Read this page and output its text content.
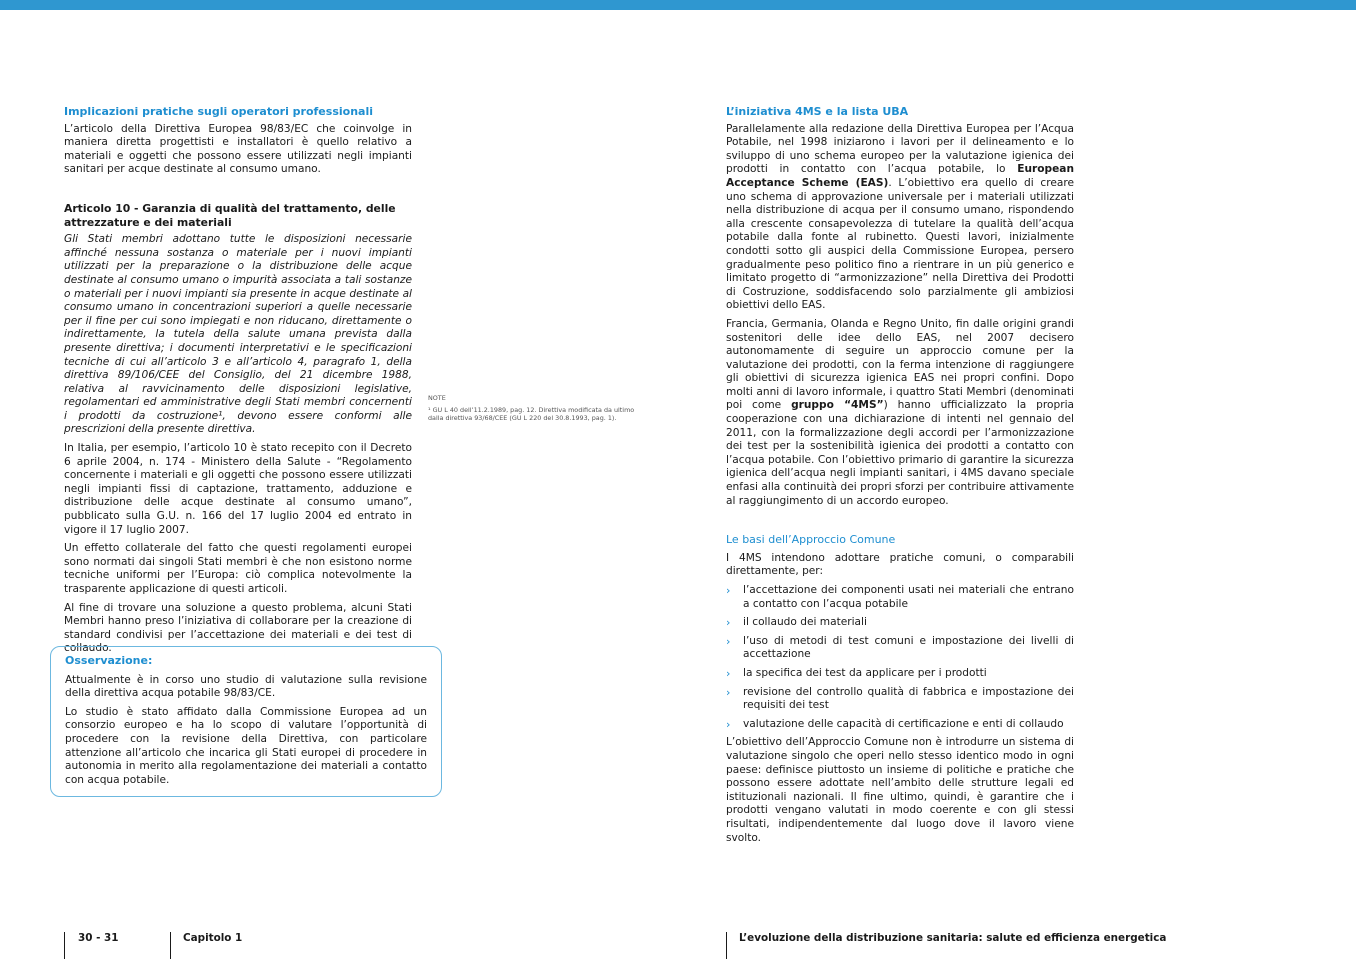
Implicazioni pratiche sugli operatori professionali

L’articolo della Direttiva Europea 98/83/EC che coinvolge in maniera diretta progettisti e installatori è quello relativo a materiali e oggetti che possono essere utilizzati negli impianti sanitari per acque destinate al consumo umano.

Articolo 10 - Garanzia di qualità del trattamento, delle attrezzature e dei materiali

Gli Stati membri adottano tutte le disposizioni necessarie affinché nessuna sostanza o materiale per i nuovi impianti utilizzati per la preparazione o la distribuzione delle acque destinate al consumo umano o impurità associata a tali sostanze o materiali per i nuovi impianti sia presente in acque destinate al consumo umano in concentrazioni superiori a quelle necessarie per il fine per cui sono impiegati e non riducano, direttamente o indirettamente, la tutela della salute umana prevista dalla presente direttiva; i documenti interpretativi e le specificazioni tecniche di cui all’articolo 3 e all’articolo 4, paragrafo 1, della direttiva 89/106/CEE del Consiglio, del 21 dicembre 1988, relativa al ravvicinamento delle disposizioni legislative, regolamentari ed amministrative degli Stati membri concernenti i prodotti da costruzione¹, devono essere conformi alle prescrizioni della presente direttiva.

In Italia, per esempio, l’articolo 10 è stato recepito con il Decreto 6 aprile 2004, n. 174 - Ministero della Salute - “Regolamento concernente i materiali e gli oggetti che possono essere utilizzati negli impianti fissi di captazione, trattamento, adduzione e distribuzione delle acque destinate al consumo umano”, pubblicato sulla G.U. n. 166 del 17 luglio 2004 ed entrato in vigore il 17 luglio 2007.

Un effetto collaterale del fatto che questi regolamenti europei sono normati dai singoli Stati membri è che non esistono norme tecniche uniformi per l’Europa: ciò complica notevolmente la trasparente applicazione di questi articoli.

Al fine di trovare una soluzione a questo problema, alcuni Stati Membri hanno preso l’iniziativa di collaborare per la creazione di standard condivisi per l’accettazione dei materiali e dei test di collaudo.

Osservazione:

Attualmente è in corso uno studio di valutazione sulla revisione della direttiva acqua potabile 98/83/CE.

Lo studio è stato affidato dalla Commissione Europea ad un consorzio europeo e ha lo scopo di valutare l’opportunità di procedere con la revisione della Direttiva, con particolare attenzione all’articolo che incarica gli Stati europei di procedere in autonomia in merito alla regolamentazione dei materiali a contatto con acqua potabile.

NOTE
¹ GU L 40 dell’11.2.1989, pag. 12. Direttiva modificata da ultimo dalla direttiva 93/68/CEE (GU L 220 del 30.8.1993, pag. 1).
L’iniziativa 4MS e la lista UBA

Parallelamente alla redazione della Direttiva Europea per l’Acqua Potabile, nel 1998 iniziarono i lavori per il delineamento e lo sviluppo di uno schema europeo per la valutazione igienica dei prodotti in contatto con l’acqua potabile, lo European Acceptance Scheme (EAS). L’obiettivo era quello di creare uno schema di approvazione universale per i materiali utilizzati nella distribuzione di acqua per il consumo umano, rispondendo alla crescente consapevolezza di tutelare la qualità dell’acqua potabile dalla fonte al rubinetto. Questi lavori, inizialmente condotti sotto gli auspici della Commissione Europea, persero gradualmente peso politico fino a rientrare in un più generico e limitato progetto di “armonizzazione” nella Direttiva dei Prodotti di Costruzione, soddisfacendo solo parzialmente gli ambiziosi obiettivi dello EAS.

Francia, Germania, Olanda e Regno Unito, fin dalle origini grandi sostenitori delle idee dello EAS, nel 2007 decisero autonomamente di seguire un approccio comune per la valutazione dei prodotti, con la ferma intenzione di raggiungere gli obiettivi di sicurezza igienica EAS nei propri confini. Dopo molti anni di lavoro informale, i quattro Stati Membri (denominati poi come gruppo “4MS”) hanno ufficializzato la propria cooperazione con una dichiarazione di intenti nel gennaio del 2011, con la formalizzazione degli accordi per l’armonizzazione dei test per la sostenibilità igienica dei prodotti a contatto con l’acqua potabile. Con l’obiettivo primario di garantire la sicurezza igienica dell’acqua negli impianti sanitari, i 4MS davano speciale enfasi alla continuità dei propri sforzi per contribuire attivamente al raggiungimento di un accordo europeo.

Le basi dell’Approccio Comune

I 4MS intendono adottare pratiche comuni, o comparabili direttamente, per:

› l’accettazione dei componenti usati nei materiali che entrano a contatto con l’acqua potabile
› il collaudo dei materiali
› l’uso di metodi di test comuni e impostazione dei livelli di accettazione
› la specifica dei test da applicare per i prodotti
› revisione del controllo qualità di fabbrica e impostazione dei requisiti dei test
› valutazione delle capacità di certificazione e enti di collaudo

L’obiettivo dell’Approccio Comune non è introdurre un sistema di valutazione singolo che operi nello stesso identico modo in ogni paese: definisce piuttosto un insieme di politiche e pratiche che possono essere adottate nell’ambito delle strutture legali ed istituzionali nazionali. Il fine ultimo, quindi, è garantire che i prodotti vengano valutati in modo coerente e con gli stessi risultati, indipendentemente dal luogo dove il lavoro viene svolto.

30 - 31	Capitolo 1	L’evoluzione della distribuzione sanitaria: salute ed efficienza energetica
